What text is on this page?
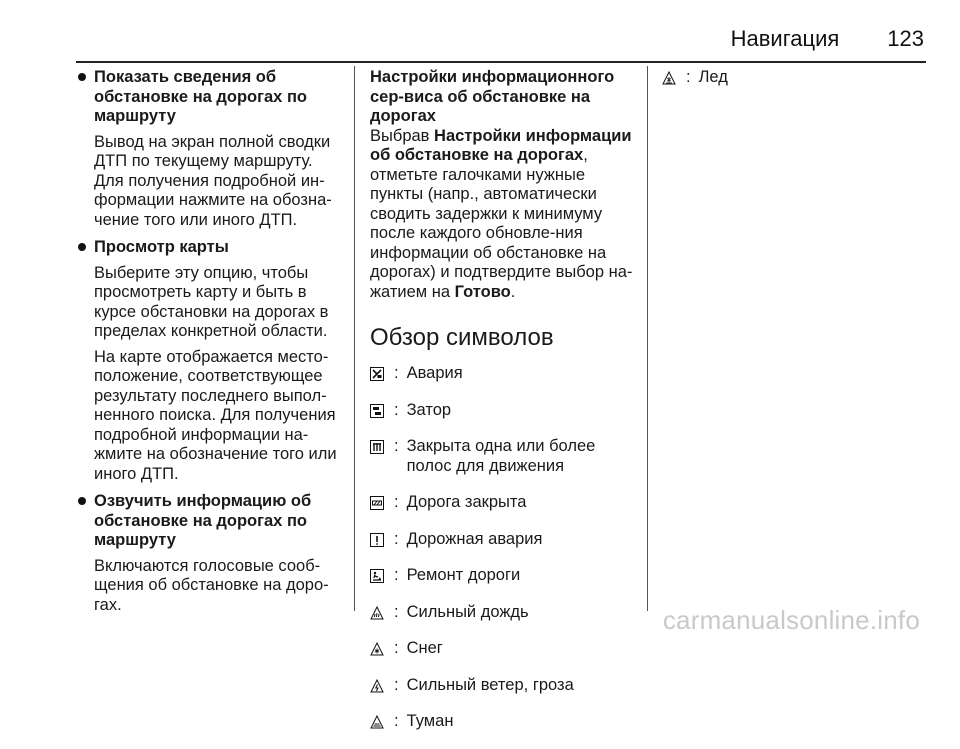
Навигация 123
Показать сведения об обстановке на дорогах по маршруту
Вывод на экран полной сводки ДТП по текущему маршруту. Для получения подробной ин-формации нажмите на обозна-чение того или иного ДТП.
Просмотр карты
Выберите эту опцию, чтобы просмотреть карту и быть в курсе обстановки на дорогах в пределах конкретной области.
На карте отображается место-положение, соответствующее результату последнего выпол-ненного поиска. Для получения подробной информации на-жмите на обозначение того или иного ДТП.
Озвучить информацию об обстановке на дорогах по маршруту
Включаются голосовые сооб-щения об обстановке на доро-гах.
Настройки информационного сер-виса об обстановке на дорогах
Выбрав Настройки информации об обстановке на дорогах, отметьте галочками нужные пункты (напр., автоматически сводить задержки к минимуму после каждого обновле-ния информации об обстановке на дорогах) и подтвердите выбор на-жатием на Готово.
Обзор символов
: Авария
: Затор
: Закрыта одна или более полос для движения
: Дорога закрыта
: Дорожная авария
: Ремонт дороги
: Сильный дождь
: Снег
: Сильный ветер, гроза
: Туман
: Лед
carmanualsonline.info
